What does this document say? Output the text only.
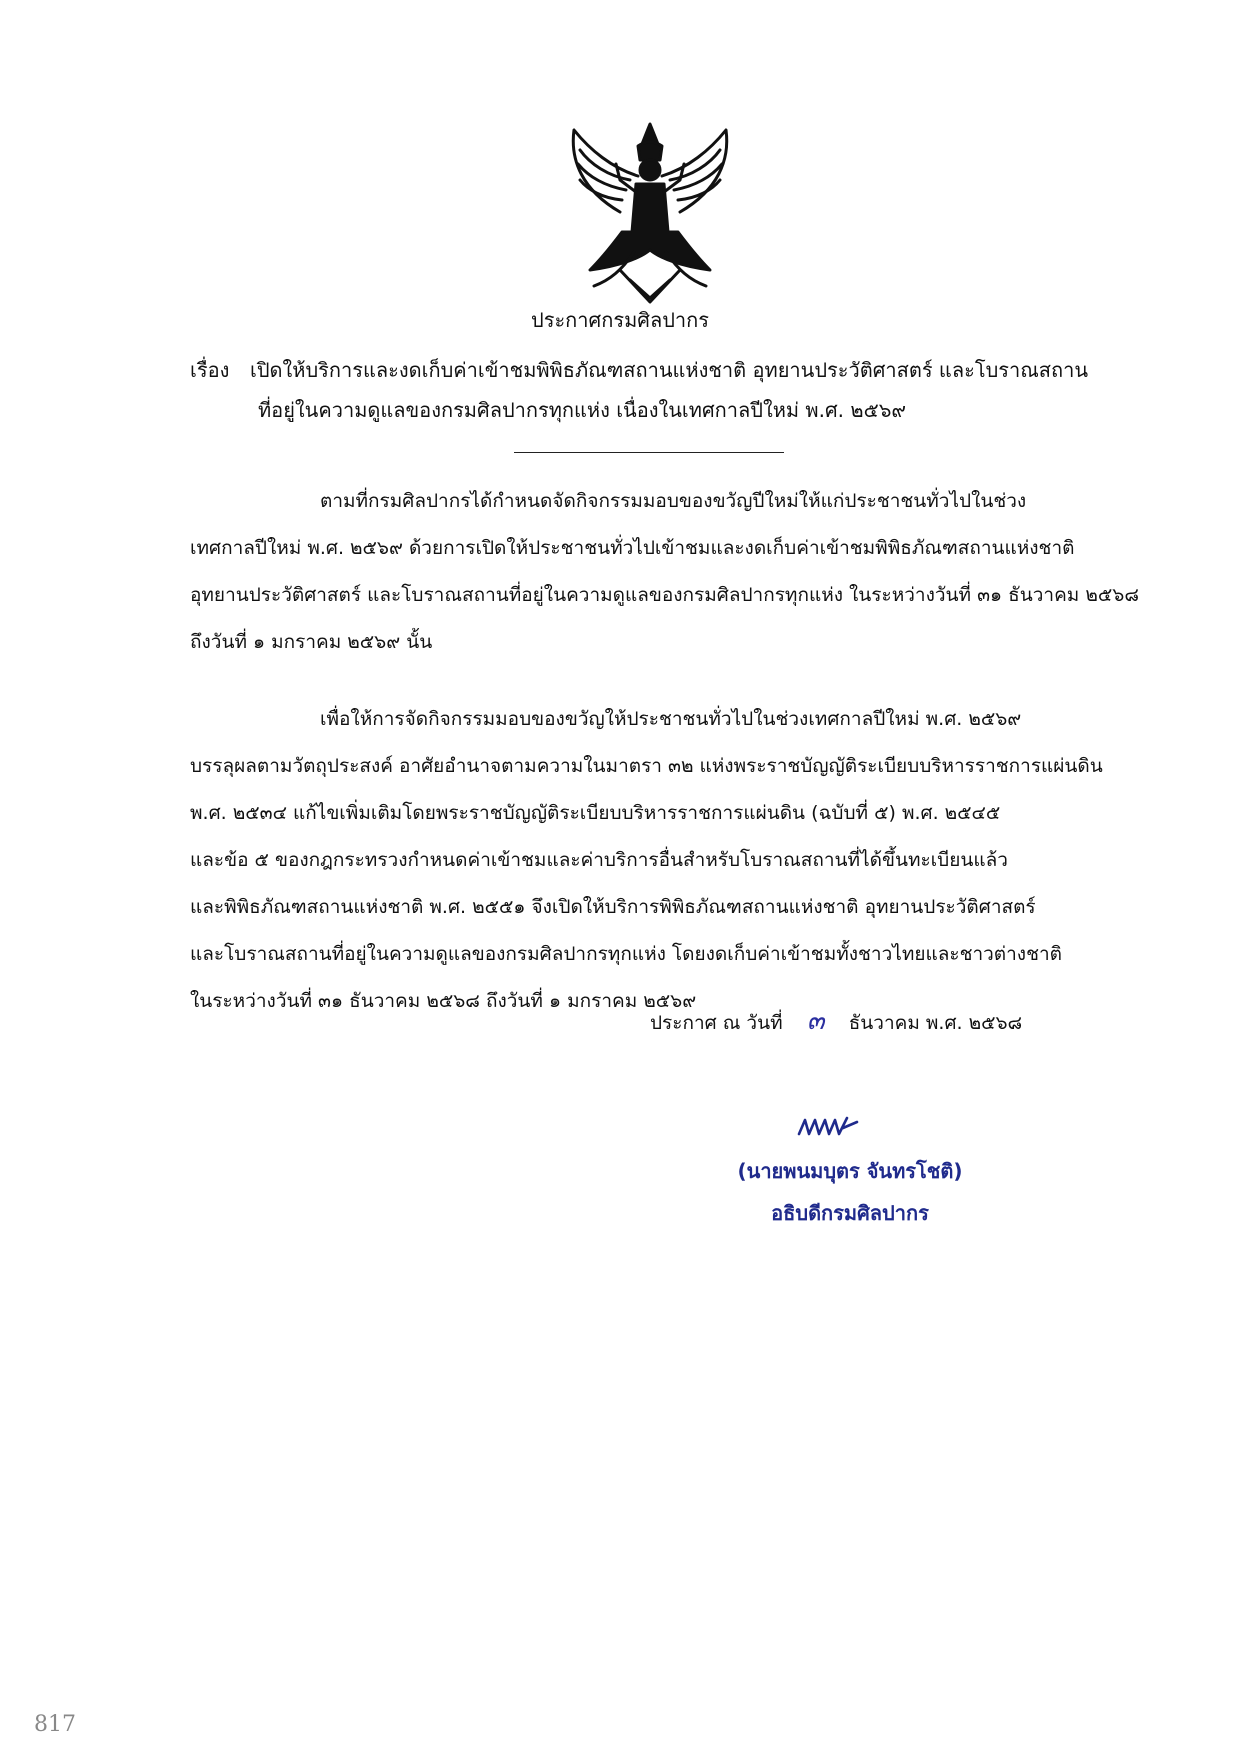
ประกาศกรมศิลปากร
เรื่อง เปิดให้บริการและงดเก็บค่าเข้าชมพิพิธภัณฑสถานแห่งชาติ อุทยานประวัติศาสตร์ และโบราณสถาน
ที่อยู่ในความดูแลของกรมศิลปากรทุกแห่ง เนื่องในเทศกาลปีใหม่ พ.ศ. ๒๕๖๙

ตามที่กรมศิลปากรได้กำหนดจัดกิจกรรมมอบของขวัญปีใหม่ให้แก่ประชาชนทั่วไปในช่วง

เทศกาลปีใหม่ พ.ศ. ๒๕๖๙ ด้วยการเปิดให้ประชาชนทั่วไปเข้าชมและงดเก็บค่าเข้าชมพิพิธภัณฑสถานแห่งชาติ

อุทยานประวัติศาสตร์ และโบราณสถานที่อยู่ในความดูแลของกรมศิลปากรทุกแห่ง ในระหว่างวันที่ ๓๑ ธันวาคม ๒๕๖๘

ถึงวันที่ ๑ มกราคม ๒๕๖๙ นั้น

เพื่อให้การจัดกิจกรรมมอบของขวัญให้ประชาชนทั่วไปในช่วงเทศกาลปีใหม่ พ.ศ. ๒๕๖๙

บรรลุผลตามวัตถุประสงค์ อาศัยอำนาจตามความในมาตรา ๓๒ แห่งพระราชบัญญัติระเบียบบริหารราชการแผ่นดิน

พ.ศ. ๒๕๓๔ แก้ไขเพิ่มเติมโดยพระราชบัญญัติระเบียบบริหารราชการแผ่นดิน (ฉบับที่ ๕) พ.ศ. ๒๕๔๕

และข้อ ๕ ของกฎกระทรวงกำหนดค่าเข้าชมและค่าบริการอื่นสำหรับโบราณสถานที่ได้ขึ้นทะเบียนแล้ว

และพิพิธภัณฑสถานแห่งชาติ พ.ศ. ๒๕๕๑ จึงเปิดให้บริการพิพิธภัณฑสถานแห่งชาติ อุทยานประวัติศาสตร์

และโบราณสถานที่อยู่ในความดูแลของกรมศิลปากรทุกแห่ง โดยงดเก็บค่าเข้าชมทั้งชาวไทยและชาวต่างชาติ

ในระหว่างวันที่ ๓๑ ธันวาคม ๒๕๖๘ ถึงวันที่ ๑ มกราคม ๒๕๖๙

ประกาศ ณ วันที่ ๓ ธันวาคม พ.ศ. ๒๕๖๘
(นายพนมบุตร จันทรโชติ)
อธิบดีกรมศิลปากร
817
